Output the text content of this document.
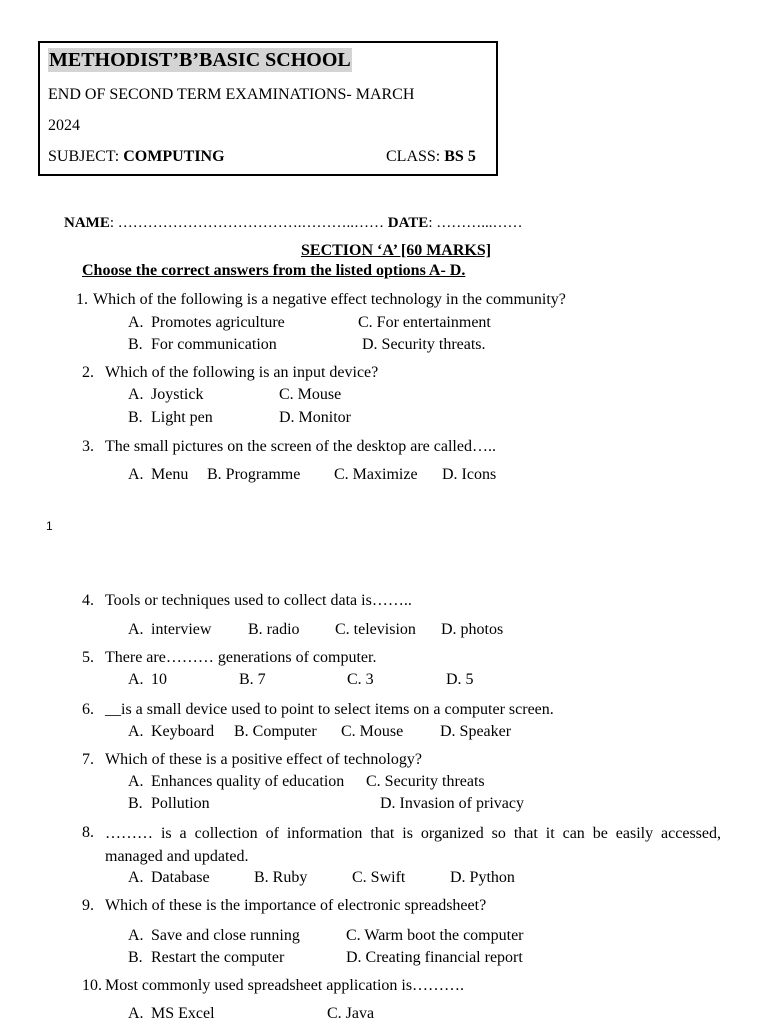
METHODIST’B’BASIC SCHOOL
END OF SECOND TERM EXAMINATIONS- MARCH
2024
SUBJECT: COMPUTING	CLASS: BS 5
NAME: ……………………………….………..…… DATE: ………...……
SECTION ‘A’ [60 MARKS]
Choose the correct answers from the listed options A- D.
1. Which of the following is a negative effect technology in the community?
A. Promotes agriculture	C. For entertainment
B. For communication	D. Security threats.
2. Which of the following is an input device?
A. Joystick	C. Mouse
B. Light pen	D. Monitor
3. The small pictures on the screen of the desktop are called…..
A. Menu B. Programme C. Maximize D. Icons
1
4. Tools or techniques used to collect data is……..
A. interview B. radio C. television D. photos
5. There are……… generations of computer.
A. 10	B. 7	C. 3	D. 5
6. __is a small device used to point to select items on a computer screen.
A. Keyboard B. Computer C. Mouse D. Speaker
7. Which of these is a positive effect of technology?
A. Enhances quality of education C. Security threats
B. Pollution	D. Invasion of privacy
8. ……… is a collection of information that is organized so that it can be easily accessed, managed and updated.
A. Database	B. Ruby	C. Swift	D. Python
9. Which of these is the importance of electronic spreadsheet?
A. Save and close running	C. Warm boot the computer
B. Restart the computer	D. Creating financial report
10. Most commonly used spreadsheet application is……….
A. MS Excel	C. Java
